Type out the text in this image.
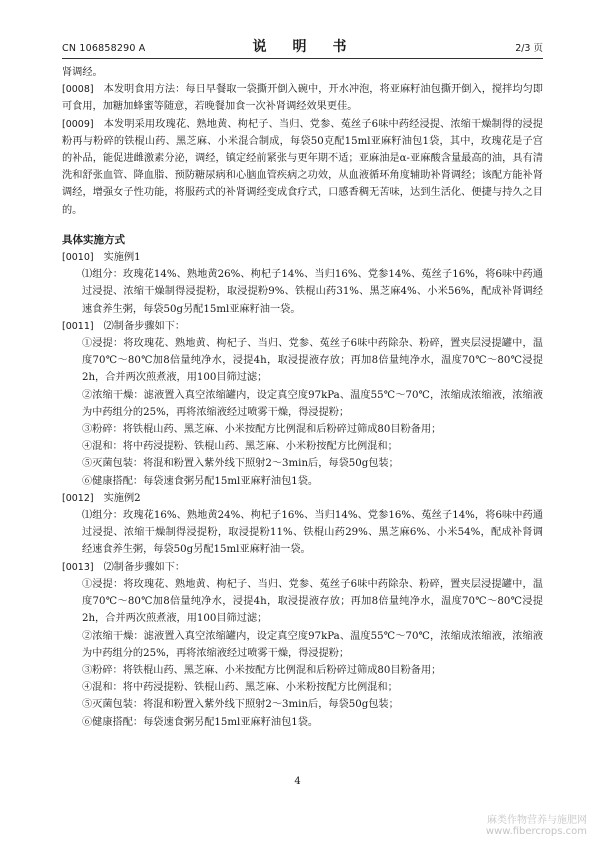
CN 106858290 A	说　明　书	2/3 页

肾调经。

[0008] 本发明食用方法：每日早餐取一袋撕开倒入碗中，开水冲泡，将亚麻籽油包撕开倒入，搅拌均匀即可食用，加糖加蜂蜜等随意，若晚餐加食一次补肾调经效果更佳。

[0009] 本发明采用玫瑰花、熟地黄、枸杞子、当归、党参、菟丝子6味中药经浸提、浓缩干燥制得的浸提粉再与粉碎的铁棍山药、黑芝麻、小米混合制成，每袋50克配15ml亚麻籽油包1袋，其中，玫瑰花是子宫的补品，能促进雌激素分泌，调经，镇定经前紧张与更年期不适；亚麻油是α-亚麻酸含量最高的油，具有清洗和舒张血管、降血脂、预防糖尿病和心脑血管疾病之功效，从血液循环角度辅助补肾调经；该配方能补肾调经，增强女子性功能，将服药式的补肾调经变成食疗式，口感香稠无苦味，达到生活化、便捷与持久之目的。

具体实施方式

[0010] 实施例1

⑴组分：玫瑰花14%、熟地黄26%、枸杞子14%、当归16%、党参14%、菟丝子16%，将6味中药通过浸提、浓缩干燥制得浸提粉，取浸提粉9%、铁棍山药31%、黑芝麻4%、小米56%，配成补肾调经速食养生粥，每袋50g另配15ml亚麻籽油一袋。

[0011] ⑵制备步骤如下：

①浸提：将玫瑰花、熟地黄、枸杞子、当归、党参、菟丝子6味中药除杂、粉碎，置夹层浸提罐中，温度70℃～80℃加8倍量纯净水，浸提4h，取浸提液存放；再加8倍量纯净水，温度70℃～80℃浸提2h，合并两次煎煮液，用100目筛过滤；

②浓缩干燥：滤液置入真空浓缩罐内，设定真空度97kPa、温度55℃～70℃，浓缩成浓缩液，浓缩液为中药组分的25%，再将浓缩液经过喷雾干燥，得浸提粉；

③粉碎：将铁棍山药、黑芝麻、小米按配方比例混和后粉碎过筛成80目粉备用；

④混和：将中药浸提粉、铁棍山药、黑芝麻、小米粉按配方比例混和；

⑤灭菌包装：将混和粉置入紫外线下照射2～3min后，每袋50g包装；

⑥健康搭配：每袋速食粥另配15ml亚麻籽油包1袋。

[0012] 实施例2

⑴组分：玫瑰花16%、熟地黄24%、枸杞子16%、当归14%、党参16%、菟丝子14%，将6味中药通过浸提、浓缩干燥制得浸提粉，取浸提粉11%、铁棍山药29%、黑芝麻6%、小米54%，配成补肾调经速食养生粥，每袋50g另配15ml亚麻籽油一袋。

[0013] ⑵制备步骤如下：

①浸提：将玫瑰花、熟地黄、枸杞子、当归、党参、菟丝子6味中药除杂、粉碎，置夹层浸提罐中，温度70℃～80℃加8倍量纯净水，浸提4h，取浸提液存放；再加8倍量纯净水，温度70℃～80℃浸提2h，合并两次煎煮液，用100目筛过滤；

②浓缩干燥：滤液置入真空浓缩罐内，设定真空度97kPa、温度55℃～70℃，浓缩成浓缩液，浓缩液为中药组分的25%，再将浓缩液经过喷雾干燥，得浸提粉；

③粉碎：将铁棍山药、黑芝麻、小米按配方比例混和后粉碎过筛成80目粉备用；

④混和：将中药浸提粉、铁棍山药、黑芝麻、小米粉按配方比例混和；

⑤灭菌包装：将混和粉置入紫外线下照射2～3min后，每袋50g包装；

⑥健康搭配：每袋速食粥另配15ml亚麻籽油包1袋。

4
麻类作物营养与施肥网
www.fibercrops.com
